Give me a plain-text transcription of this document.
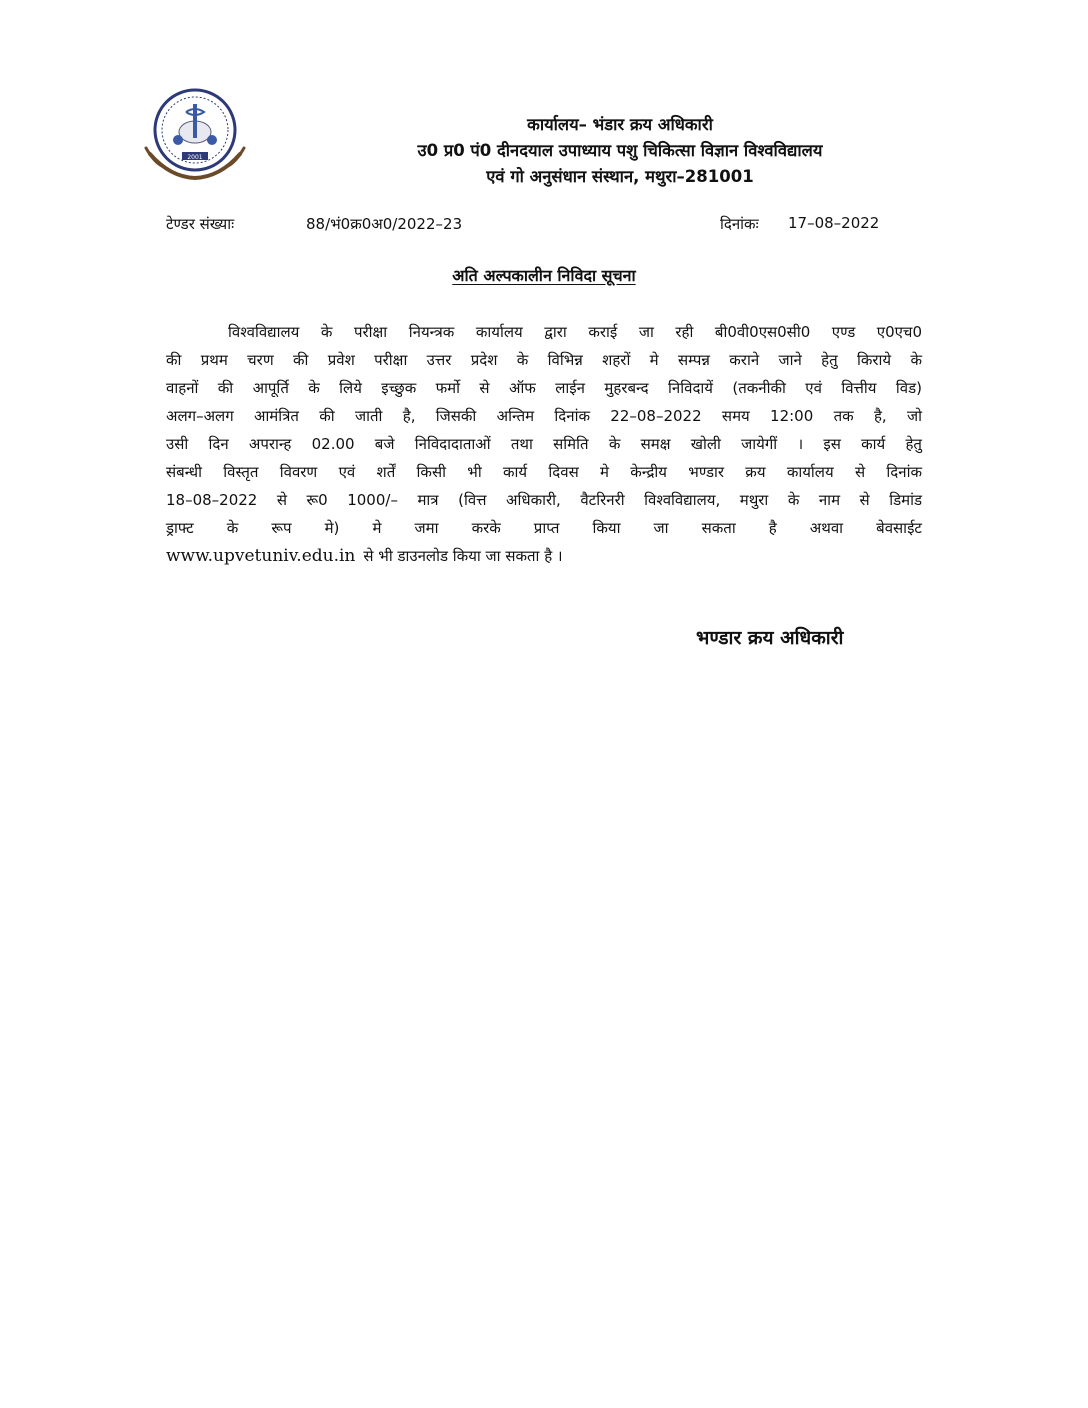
2001
कार्यालय– भंडार क्रय अधिकारी
उ0 प्र0 पं0 दीनदयाल उपाध्याय पशु चिकित्सा विज्ञान विश्वविद्यालय
एवं गो अनुसंधान संस्थान, मथुरा–281001
टेण्डर संख्याः	88/भं0क्र0अ0/2022–23	दिनांकः 17–08–2022
अति अल्पकालीन निविदा सूचना
विश्वविद्यालय के परीक्षा नियन्त्रक कार्यालय द्वारा कराई जा रही बी0वी0एस0सी0 एण्ड ए0एच0
की प्रथम चरण की प्रवेश परीक्षा उत्तर प्रदेश के विभिन्न शहरों मे सम्पन्न कराने जाने हेतु किराये के
वाहनों की आपूर्ति के लिये इच्छुक फर्मो से ऑफ लाईन मुहरबन्द निविदायें (तकनीकी एवं वित्तीय विड)
अलग–अलग आमंत्रित की जाती है, जिसकी अन्तिम दिनांक 22–08–2022 समय 12:00 तक है, जो
उसी दिन अपरान्ह 02.00 बजे निविदादाताओं तथा समिति के समक्ष खोली जायेगीं । इस कार्य हेतु
संबन्धी विस्तृत विवरण एवं शर्तें किसी भी कार्य दिवस मे केन्द्रीय भण्डार क्रय कार्यालय से दिनांक
18–08–2022 से रू0 1000/– मात्र (वित्त अधिकारी, वैटरिनरी विश्वविद्यालय, मथुरा के नाम से डिमांड
ड्राफ्ट के रूप मे) मे जमा करके प्राप्त किया जा सकता है अथवा बेवसाईट
www.upvetuniv.edu.in से भी डाउनलोड किया जा सकता है ।
भण्डार क्रय अधिकारी
